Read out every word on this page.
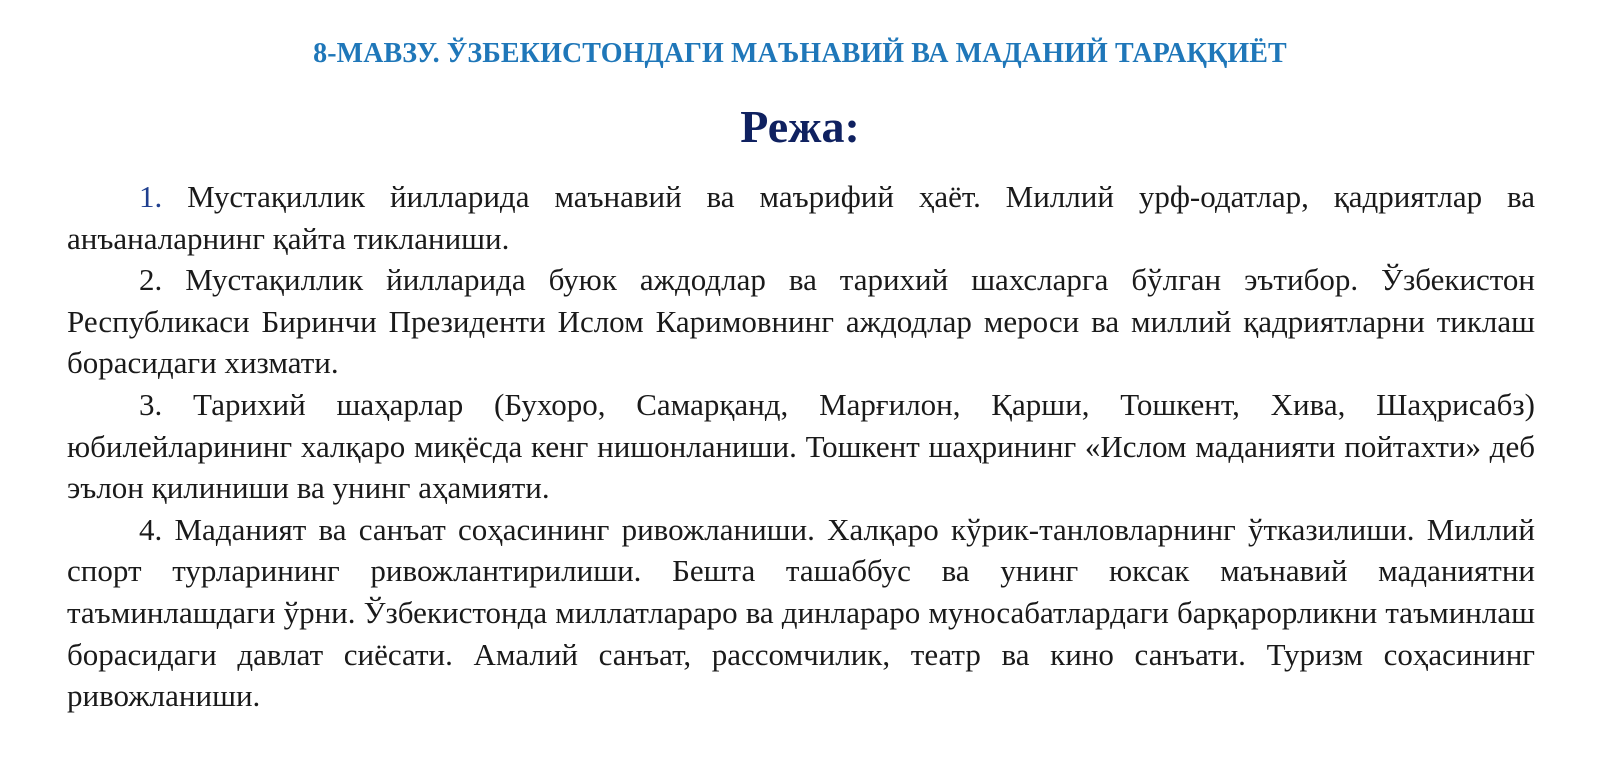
8-МАВЗУ. ЎЗБЕКИСТОНДАГИ МАЪНАВИЙ ВА МАДАНИЙ ТАРАҚҚИЁТ
Режа:

1. Мустақиллик йилларида маънавий ва маърифий ҳаёт. Миллий урф-одатлар, қадриятлар ва анъаналарнинг қайта тикланиши.

2. Мустақиллик йилларида буюк аждодлар ва тарихий шахсларга бўлган эътибор. Ўзбекистон Республикаси Биринчи Президенти Ислом Каримовнинг аждодлар мероси ва миллий қадриятларни тиклаш борасидаги хизмати.

3. Тарихий шаҳарлар (Бухоро, Самарқанд, Марғилон, Қарши, Тошкент, Хива, Шаҳрисабз) юбилейларининг халқаро миқёсда кенг нишонланиши. Тошкент шаҳрининг «Ислом маданияти пойтахти» деб эълон қилиниши ва унинг аҳамияти.

4. Маданият ва санъат соҳасининг ривожланиши. Халқаро кўрик-танловларнинг ўтказилиши. Миллий спорт турларининг ривожлантирилиши. Бешта ташаббус ва унинг юксак маънавий маданиятни таъминлашдаги ўрни. Ўзбекистонда миллатлараро ва динлараро муносабатлардаги барқарорликни таъминлаш борасидаги давлат сиёсати. Амалий санъат, рассомчилик, театр ва кино санъати. Туризм соҳасининг ривожланиши.
